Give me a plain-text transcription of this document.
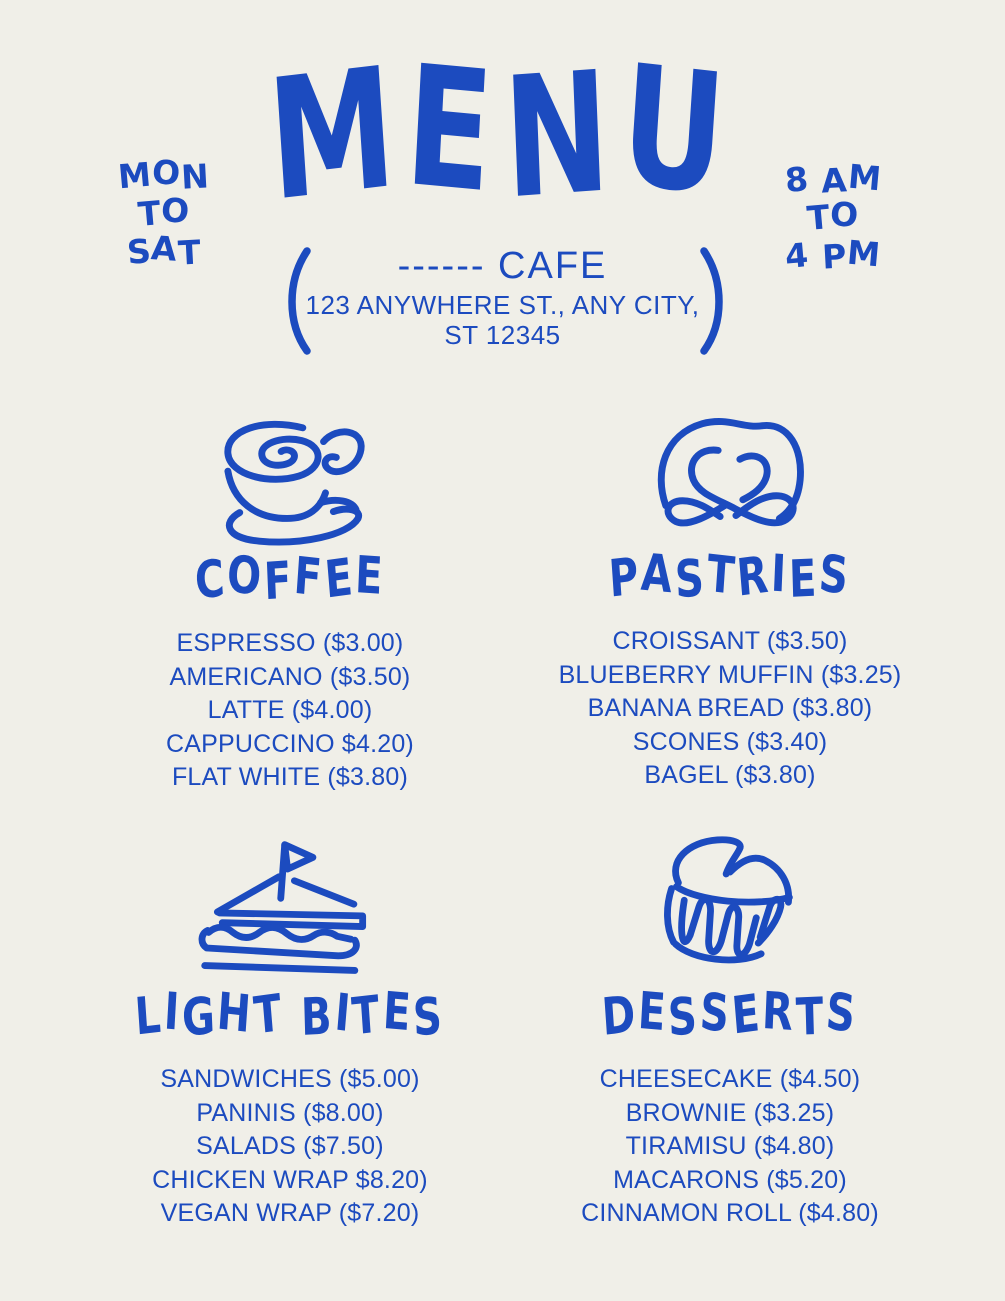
MON
TO
SAT
MENU	8 AM
TO
4 PM
------ CAFE
123 ANYWHERE ST., ANY CITY,
ST 12345
COFFEE
ESPRESSO ($3.00)
AMERICANO ($3.50)
LATTE ($4.00)
CAPPUCCINO $4.20)
FLAT WHITE ($3.80)
PASTRIES
CROISSANT ($3.50)
BLUEBERRY MUFFIN ($3.25)
BANANA BREAD ($3.80)
SCONES ($3.40)
BAGEL ($3.80)
LIGHT BITES
SANDWICHES ($5.00)
PANINIS ($8.00)
SALADS ($7.50)
CHICKEN WRAP $8.20)
VEGAN WRAP ($7.20)
DESSERTS
CHEESECAKE ($4.50)
BROWNIE ($3.25)
TIRAMISU ($4.80)
MACARONS ($5.20)
CINNAMON ROLL ($4.80)
